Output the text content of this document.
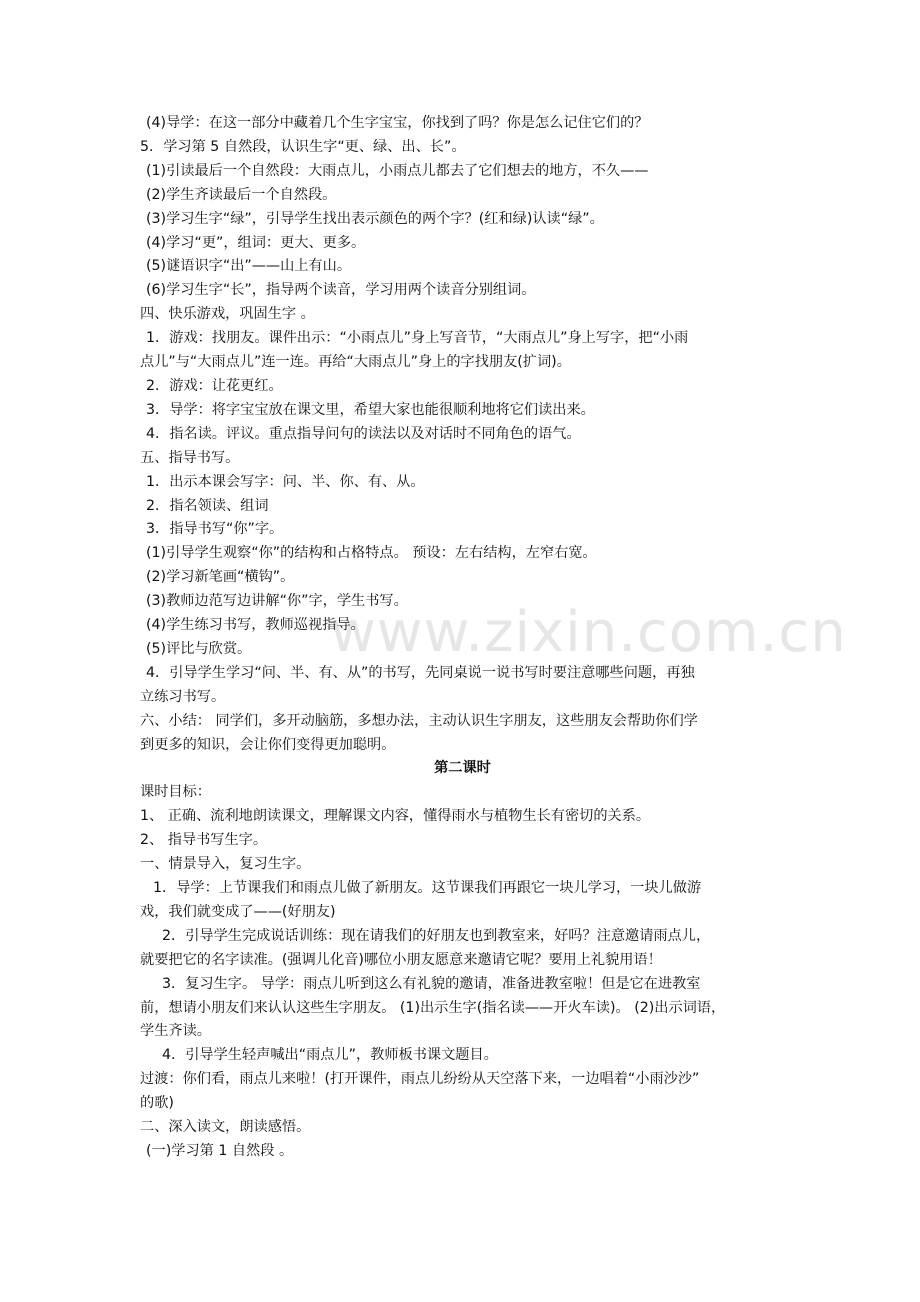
www.zixin.com.cn

(4)导学：在这一部分中藏着几个生字宝宝，你找到了吗？你是怎么记住它们的？

5．学习第 5 自然段，认识生字“更、绿、出、长”。

(1)引读最后一个自然段：大雨点儿，小雨点儿都去了它们想去的地方，不久——

(2)学生齐读最后一个自然段。

(3)学习生字“绿”，引导学生找出表示颜色的两个字？(红和绿)认读“绿”。

(4)学习“更”，组词：更大、更多。

(5)谜语识字“出”——山上有山。

(6)学习生字“长”，指导两个读音，学习用两个读音分别组词。

四、快乐游戏，巩固生字 。

1．游戏：找朋友。课件出示：“小雨点儿”身上写音节，“大雨点儿”身上写字，把“小雨

点儿”与“大雨点儿”连一连。再给“大雨点儿”身上的字找朋友(扩词)。

2．游戏：让花更红。

3．导学：将字宝宝放在课文里，希望大家也能很顺利地将它们读出来。

4．指名读。评议。重点指导问句的读法以及对话时不同角色的语气。

五、指导书写。

1．出示本课会写字：问、半、你、有、从。

2．指名领读、组词

3．指导书写“你”字。

(1)引导学生观察“你”的结构和占格特点。 预设：左右结构，左窄右宽。

(2)学习新笔画“横钩”。

(3)教师边范写边讲解“你”字，学生书写。

(4)学生练习书写，教师巡视指导。

(5)评比与欣赏。

4．引导学生学习“问、半、有、从”的书写，先同桌说一说书写时要注意哪些问题，再独

立练习书写。

六、小结： 同学们，多开动脑筋，多想办法，主动认识生字朋友，这些朋友会帮助你们学

到更多的知识，会让你们变得更加聪明。

第二课时

课时目标：

1、 正确、流利地朗读课文，理解课文内容，懂得雨水与植物生长有密切的关系。

2、 指导书写生字。

一、情景导入，复习生字。

1．导学：上节课我们和雨点儿做了新朋友。这节课我们再跟它一块儿学习，一块儿做游

戏，我们就变成了——(好朋友)

2．引导学生完成说话训练：现在请我们的好朋友也到教室来，好吗？注意邀请雨点儿，

就要把它的名字读准。(强调儿化音)哪位小朋友愿意来邀请它呢？要用上礼貌用语！

3．复习生字。 导学：雨点儿听到这么有礼貌的邀请，准备进教室啦！但是它在进教室

前，想请小朋友们来认认这些生字朋友。 (1)出示生字(指名读——开火车读)。 (2)出示词语，

学生齐读。

4．引导学生轻声喊出“雨点儿”，教师板书课文题目。

过渡：你们看，雨点儿来啦！(打开课件，雨点儿纷纷从天空落下来，一边唱着“小雨沙沙”

的歌)

二、深入读文，朗读感悟。

(一)学习第 1 自然段 。
